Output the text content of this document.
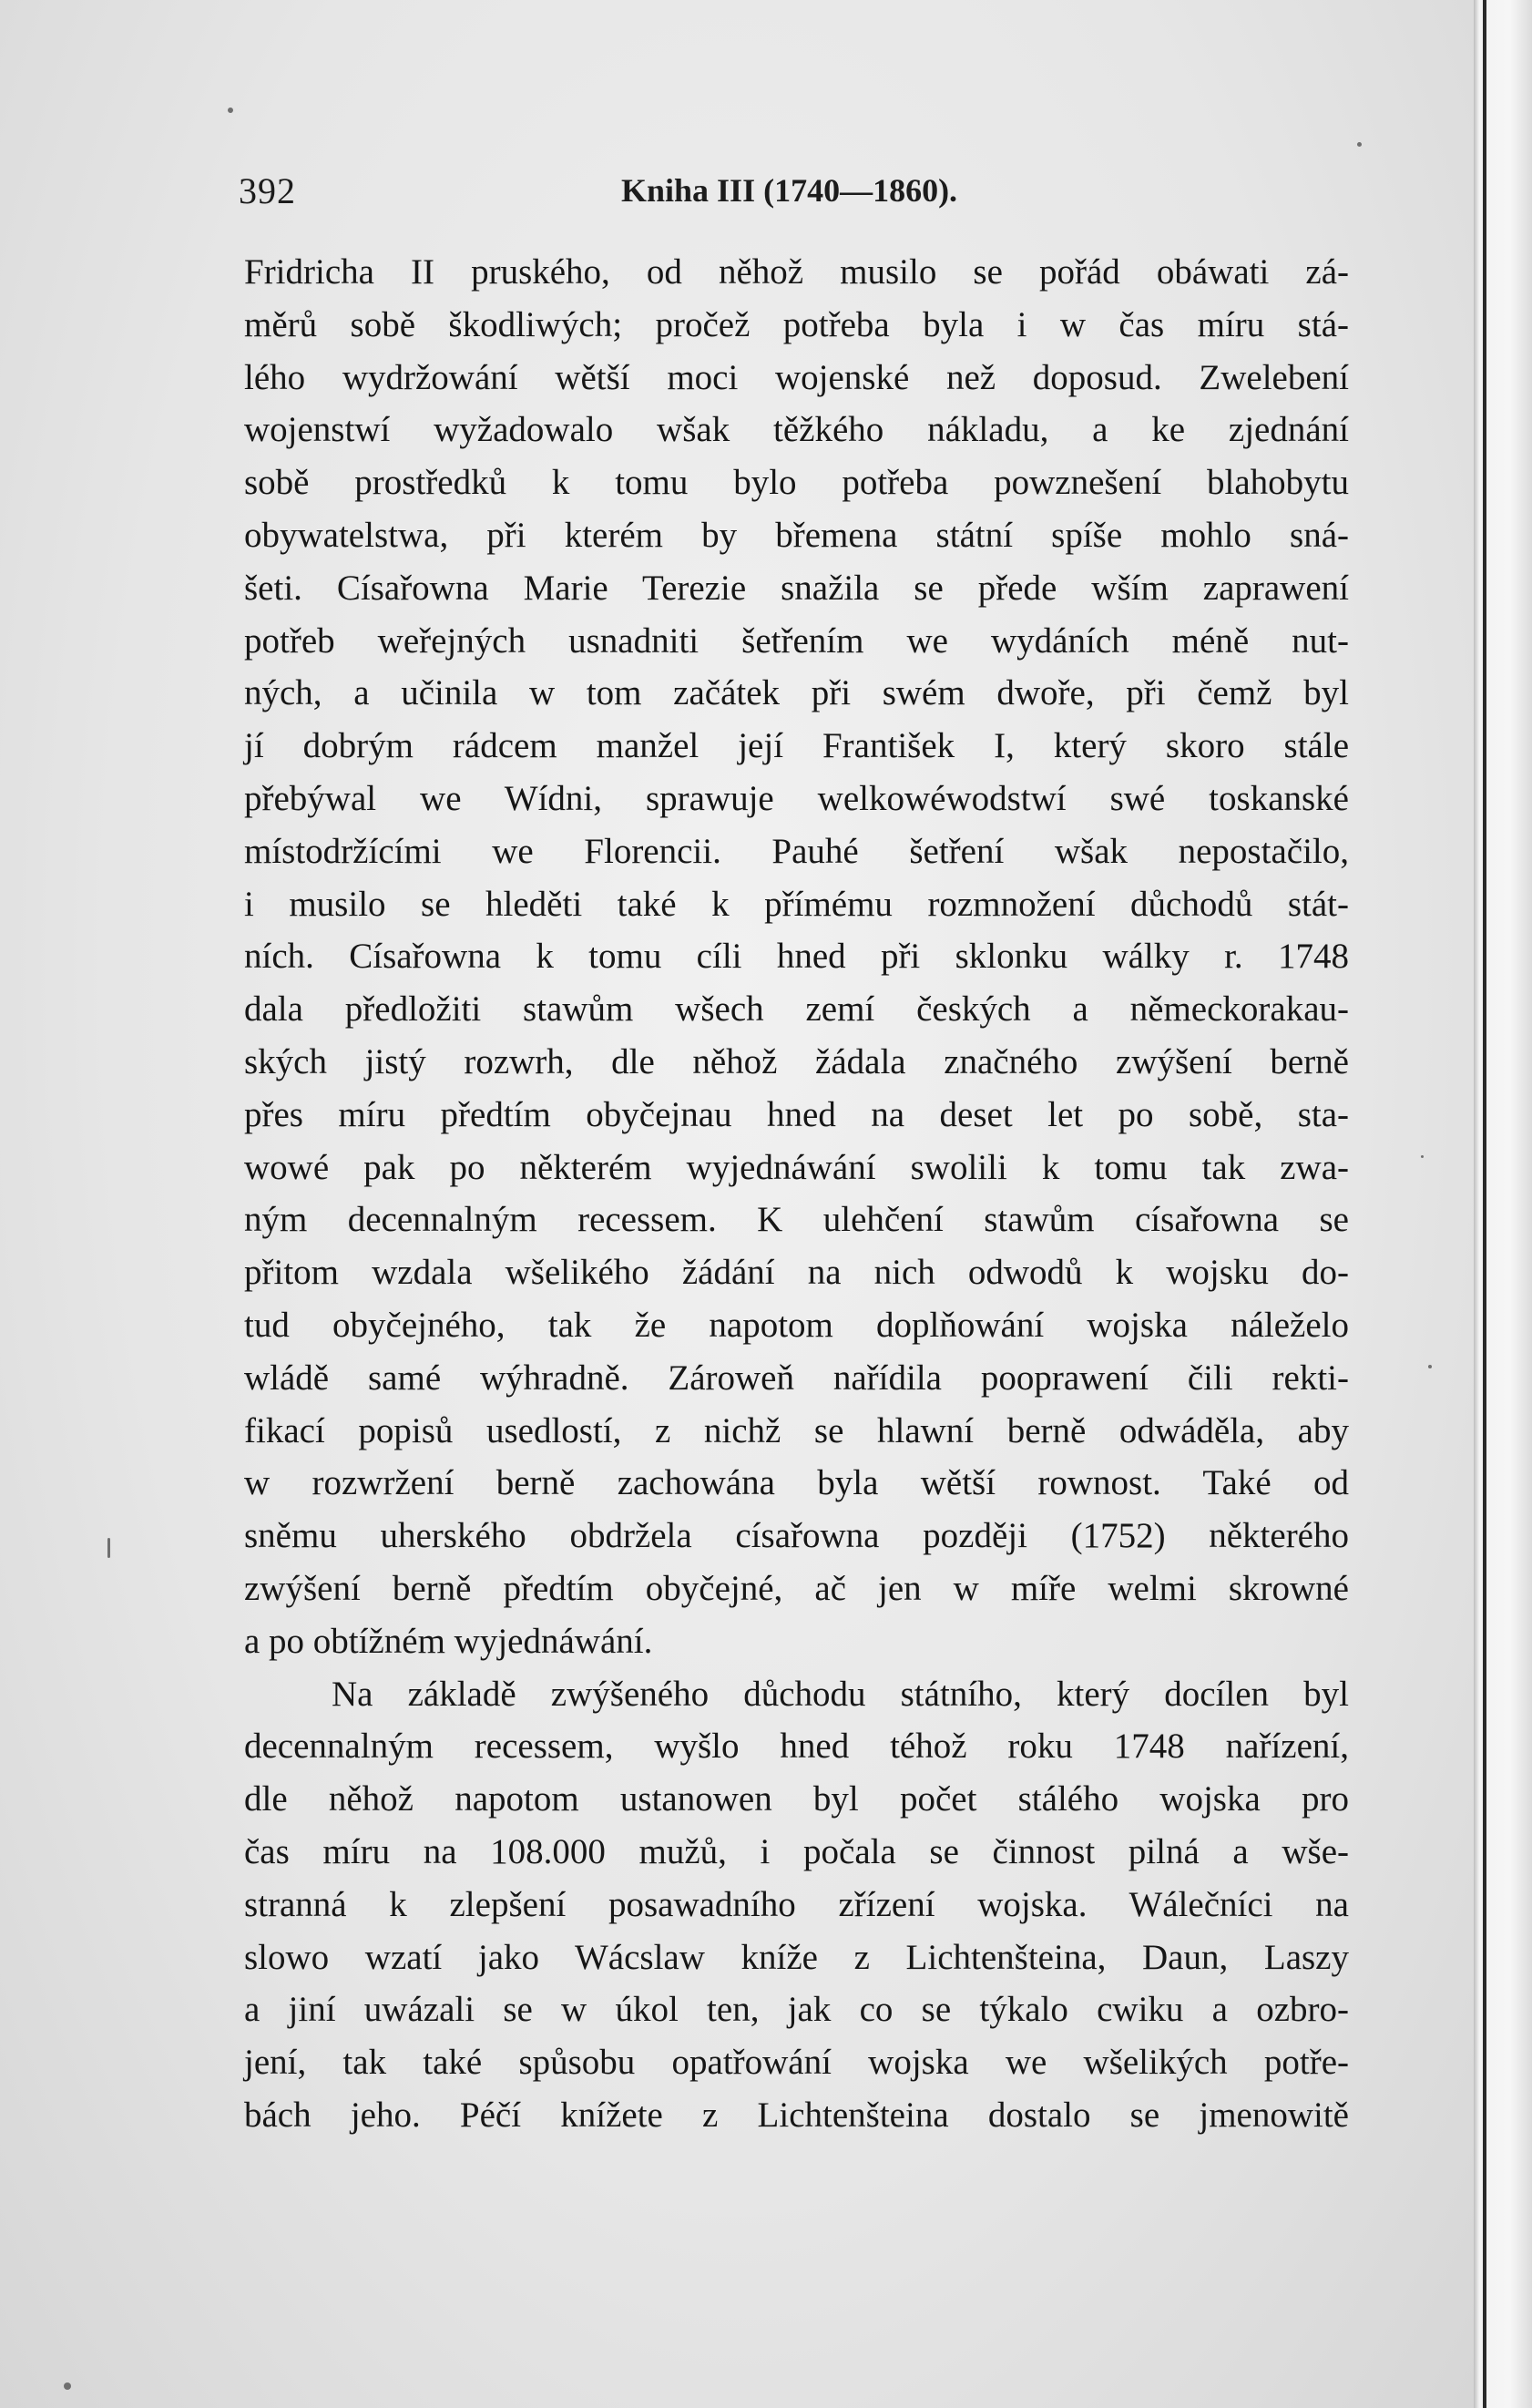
392	Kniha III (1740—1860).
Fridricha II pruského, od něhož musilo se pořád obáwati zá-
měrů sobě škodliwých; pročež potřeba byla i w čas míru stá-
lého wydržowání wětší moci wojenské než doposud. Zwelebení
wojenstwí wyžadowalo wšak těžkého nákladu, a ke zjednání
sobě prostředků k tomu bylo potřeba powznešení blahobytu
obywatelstwa, při kterém by břemena státní spíše mohlo sná-
šeti. Císařowna Marie Terezie snažila se přede wším zaprawení
potřeb weřejných usnadniti šetřením we wydáních méně nut-
ných, a učinila w tom začátek při swém dwoře, při čemž byl
jí dobrým rádcem manžel její František I, který skoro stále
přebýwal we Wídni, sprawuje welkowéwodstwí swé toskanské
místodržícími we Florencii. Pauhé šetření wšak nepostačilo,
i musilo se hleděti také k přímému rozmnožení důchodů stát-
ních. Císařowna k tomu cíli hned při sklonku wálky r. 1748
dala předložiti stawům wšech zemí českých a německorakau-
ských jistý rozwrh, dle něhož žádala značného zwýšení berně
přes míru předtím obyčejnau hned na deset let po sobě, sta-
wowé pak po některém wyjednáwání swolili k tomu tak zwa-
ným decennalným recessem. K ulehčení stawům císařowna se
přitom wzdala wšelikého žádání na nich odwodů k wojsku do-
tud obyčejného, tak že napotom doplňowání wojska náleželo
wládě samé wýhradně. Zároweň nařídila pooprawení čili rekti-
fikací popisů usedlostí, z nichž se hlawní berně odwáděla, aby
w rozwržení berně zachowána byla wětší rownost. Také od
sněmu uherského obdržela císařowna později (1752) některého
zwýšení berně předtím obyčejné, ač jen w míře welmi skrowné
a po obtížném wyjednáwání.
Na základě zwýšeného důchodu státního, který docílen byl
decennalným recessem, wyšlo hned téhož roku 1748 nařízení,
dle něhož napotom ustanowen byl počet stálého wojska pro
čas míru na 108.000 mužů, i počala se činnost pilná a wše-
stranná k zlepšení posawadního zřízení wojska. Wálečníci na
slowo wzatí jako Wácslaw kníže z Lichtenšteina, Daun, Laszy
a jiní uwázali se w úkol ten, jak co se týkalo cwiku a ozbro-
jení, tak také spůsobu opatřowání wojska we wšelikých potře-
bách jeho. Péčí knížete z Lichtenšteina dostalo se jmenowitě
